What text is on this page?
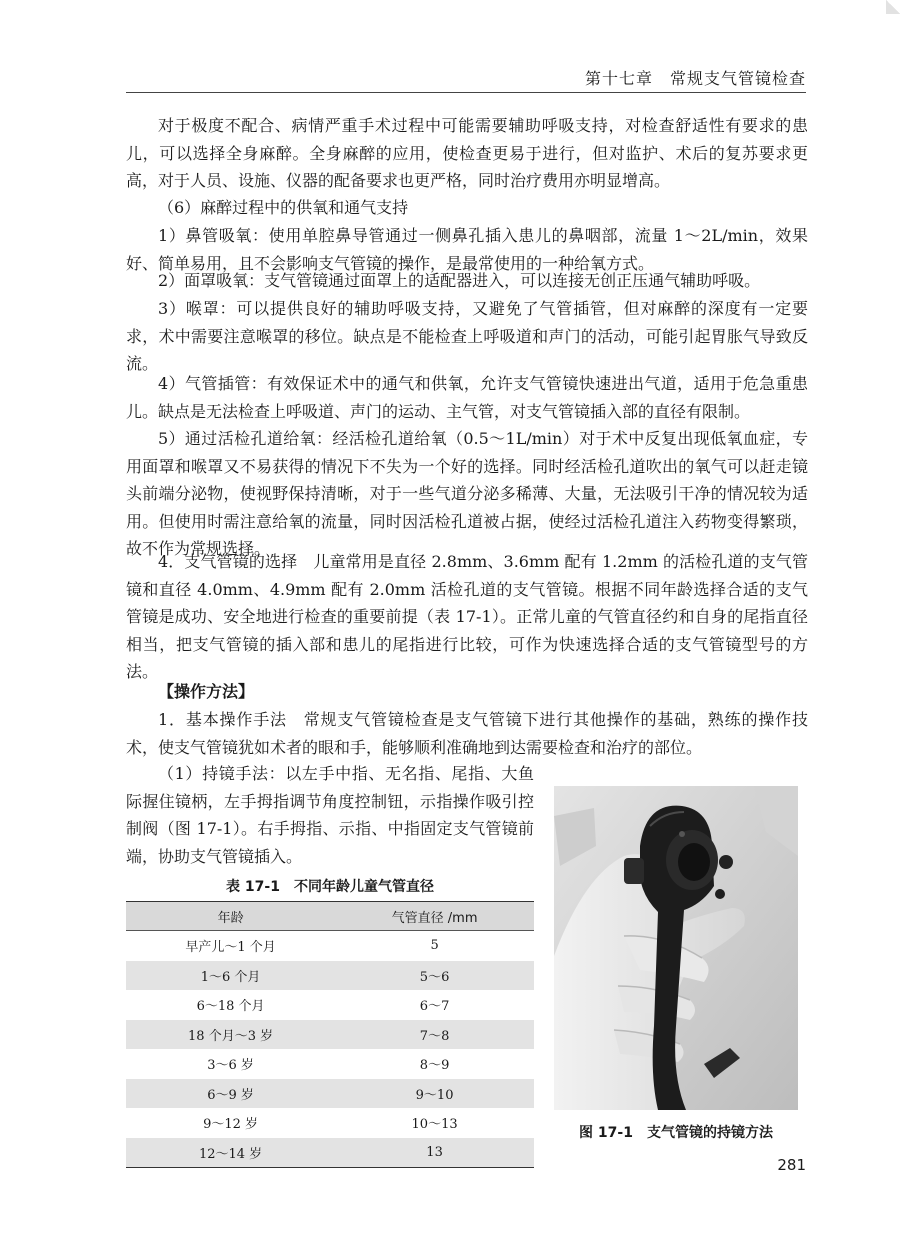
第十七章　常规支气管镜检查

对于极度不配合、病情严重手术过程中可能需要辅助呼吸支持，对检查舒适性有要求的患儿，可以选择全身麻醉。全身麻醉的应用，使检查更易于进行，但对监护、术后的复苏要求更高，对于人员、设施、仪器的配备要求也更严格，同时治疗费用亦明显增高。

（6）麻醉过程中的供氧和通气支持

1）鼻管吸氧：使用单腔鼻导管通过一侧鼻孔插入患儿的鼻咽部，流量 1～2L/min，效果好、简单易用，且不会影响支气管镜的操作，是最常使用的一种给氧方式。

2）面罩吸氧：支气管镜通过面罩上的适配器进入，可以连接无创正压通气辅助呼吸。

3）喉罩：可以提供良好的辅助呼吸支持，又避免了气管插管，但对麻醉的深度有一定要求，术中需要注意喉罩的移位。缺点是不能检查上呼吸道和声门的活动，可能引起胃胀气导致反流。

4）气管插管：有效保证术中的通气和供氧，允许支气管镜快速进出气道，适用于危急重患儿。缺点是无法检查上呼吸道、声门的运动、主气管，对支气管镜插入部的直径有限制。

5）通过活检孔道给氧：经活检孔道给氧（0.5～1L/min）对于术中反复出现低氧血症，专用面罩和喉罩又不易获得的情况下不失为一个好的选择。同时经活检孔道吹出的氧气可以赶走镜头前端分泌物，使视野保持清晰，对于一些气道分泌多稀薄、大量，无法吸引干净的情况较为适用。但使用时需注意给氧的流量，同时因活检孔道被占据，使经过活检孔道注入药物变得繁琐，故不作为常规选择。

4．支气管镜的选择　儿童常用是直径 2.8mm、3.6mm 配有 1.2mm 的活检孔道的支气管镜和直径 4.0mm、4.9mm 配有 2.0mm 活检孔道的支气管镜。根据不同年龄选择合适的支气管镜是成功、安全地进行检查的重要前提（表 17-1）。正常儿童的气管直径约和自身的尾指直径相当，把支气管镜的插入部和患儿的尾指进行比较，可作为快速选择合适的支气管镜型号的方法。

【操作方法】

1．基本操作手法　常规支气管镜检查是支气管镜下进行其他操作的基础，熟练的操作技术，使支气管镜犹如术者的眼和手，能够顺利准确地到达需要检查和治疗的部位。

（1）持镜手法：以左手中指、无名指、尾指、大鱼际握住镜柄，左手拇指调节角度控制钮，示指操作吸引控制阀（图 17-1）。右手拇指、示指、中指固定支气管镜前端，协助支气管镜插入。

表 17-1　不同年龄儿童气管直径
年龄	气管直径 /mm
早产儿～1 个月	5
1～6 个月	5～6
6～18 个月	6～7
18 个月～3 岁	7～8
3～6 岁	8～9
6～9 岁	9～10
9～12 岁	10～13
12～14 岁	13
图 17-1　支气管镜的持镜方法
281
